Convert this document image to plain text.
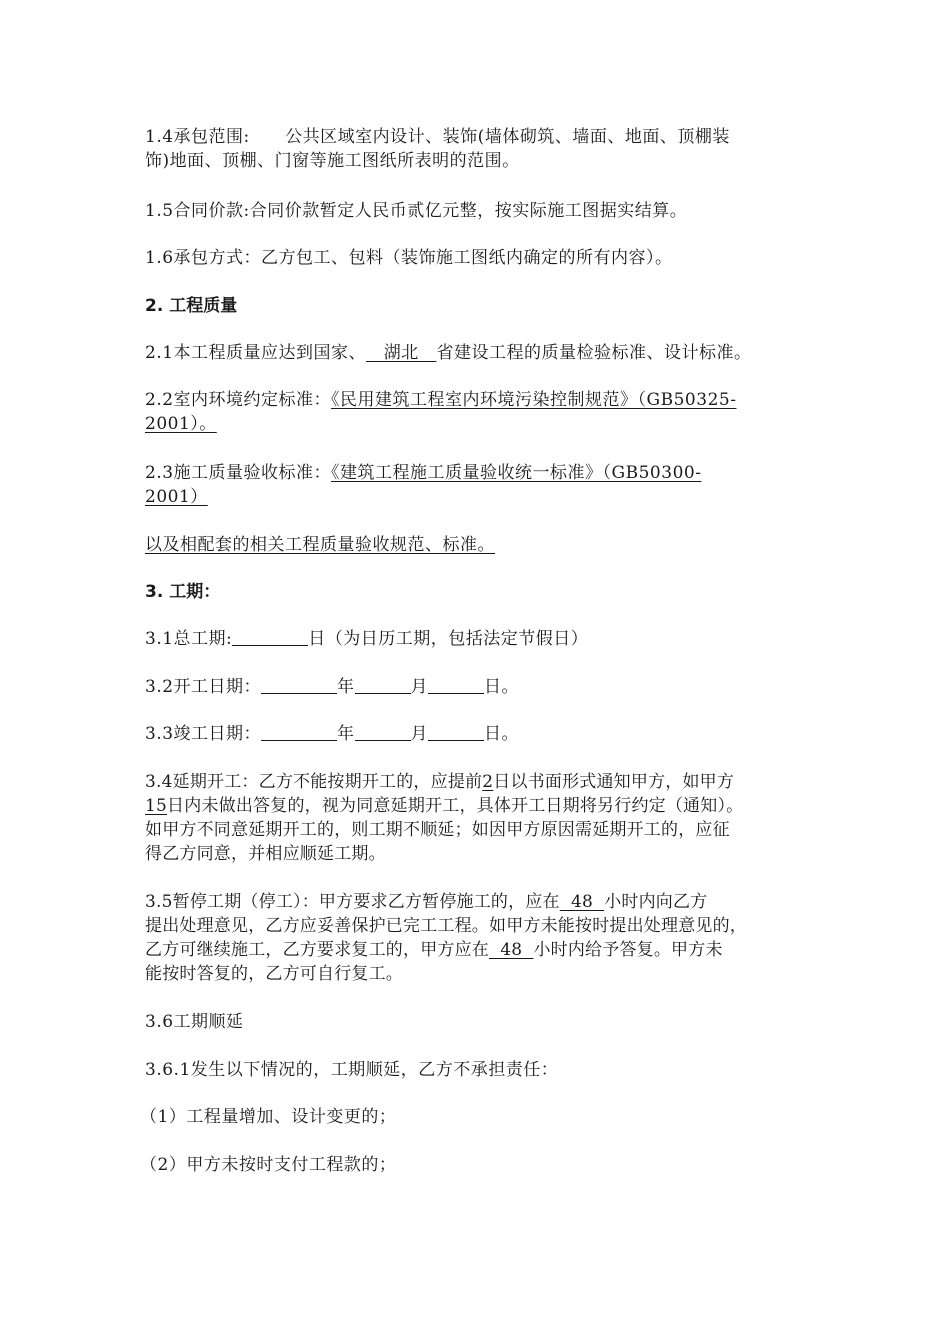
1.4承包范围:      公共区域室内设计、装饰(墙体砌筑、墙面、地面、顶棚装
饰)地面、顶棚、门窗等施工图纸所表明的范围。

1.5合同价款:合同价款暂定人民币贰亿元整，按实际施工图据实结算。

1.6承包方式：乙方包工、包料（装饰施工图纸内确定的所有内容）。

2. 工程质量

2.1本工程质量应达到国家、   湖北   省建设工程的质量检验标准、设计标准。

2.2室内环境约定标准：《民用建筑工程室内环境污染控制规范》（GB50325-
2001）。

2.3施工质量验收标准：《建筑工程施工质量验收统一标准》（GB50300-
2001）

以及相配套的相关工程质量验收规范、标准。

3. 工期：

3.1总工期:	日（为日历工期，包括法定节假日）

3.2开工日期：	年	月	日。

3.3竣工日期：	年	月	日。

3.4延期开工：乙方不能按期开工的，应提前2日以书面形式通知甲方，如甲方
15日内未做出答复的，视为同意延期开工，具体开工日期将另行约定（通知）。
如甲方不同意延期开工的，则工期不顺延；如因甲方原因需延期开工的，应征
得乙方同意，并相应顺延工期。

3.5暂停工期（停工）：甲方要求乙方暂停施工的，应在  48  小时内向乙方
提出处理意见，乙方应妥善保护已完工工程。如甲方未能按时提出处理意见的，
乙方可继续施工，乙方要求复工的，甲方应在  48  小时内给予答复。甲方未
能按时答复的，乙方可自行复工。

3.6工期顺延

3.6.1发生以下情况的，工期顺延，乙方不承担责任：

（1）工程量增加、设计变更的；

（2）甲方未按时支付工程款的；
